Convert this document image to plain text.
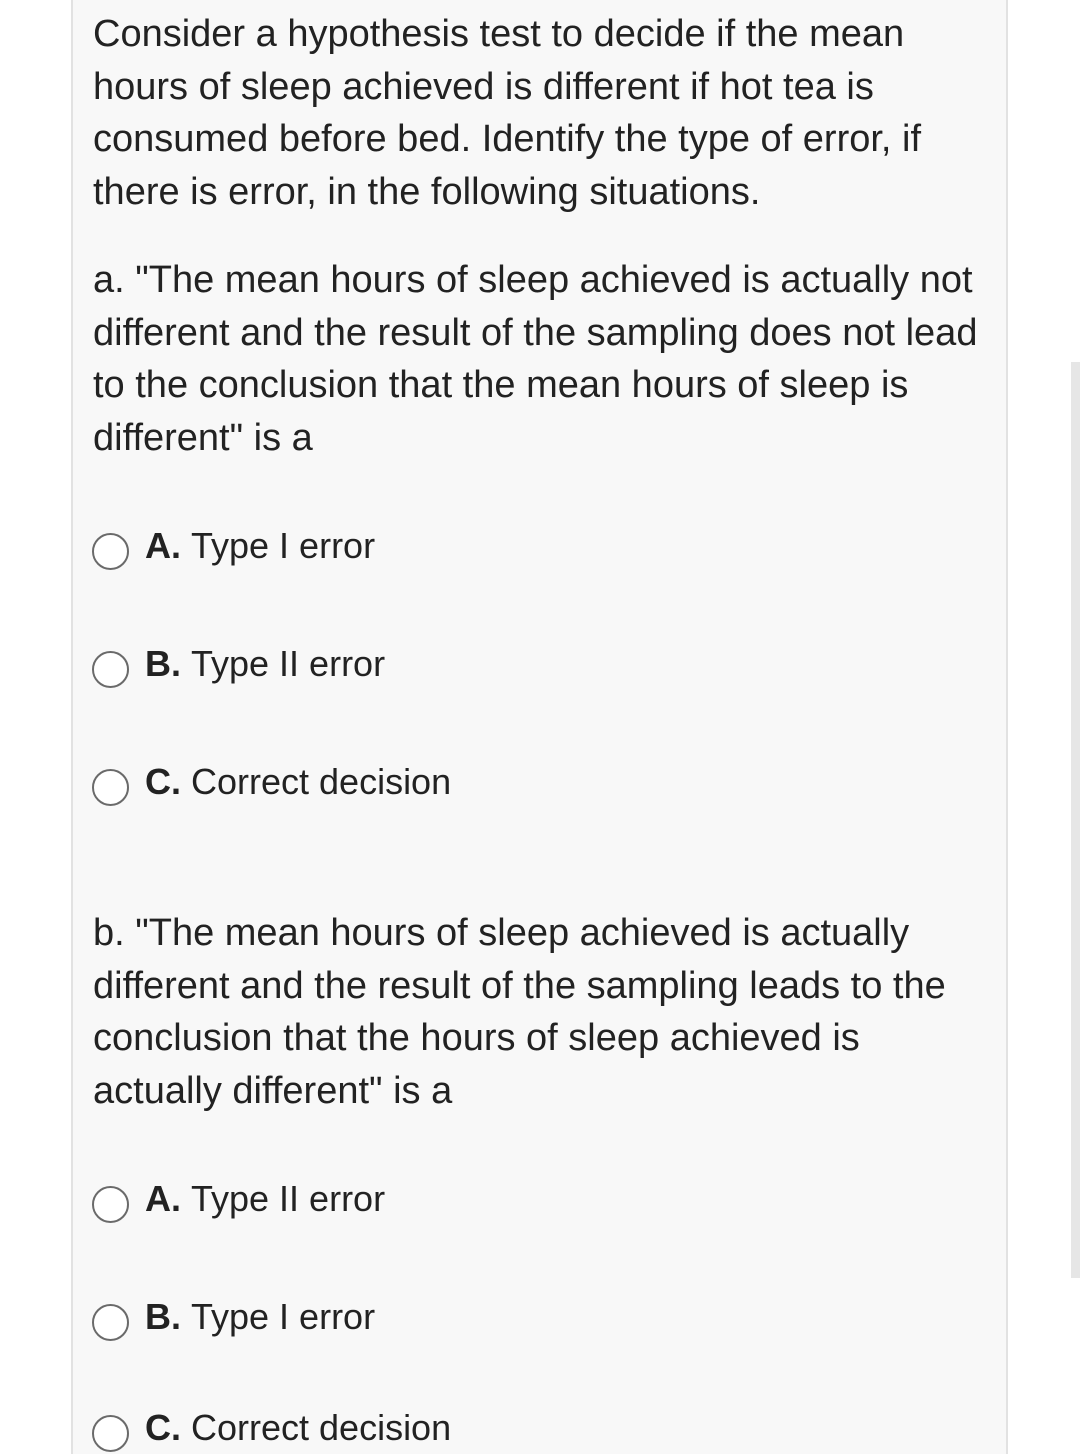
Consider a hypothesis test to decide if the mean hours of sleep achieved is different if hot tea is consumed before bed. Identify the type of error, if there is error, in the following situations.

a. "The mean hours of sleep achieved is actually not different and the result of the sampling does not lead to the conclusion that the mean hours of sleep is different" is a

A. Type I error
B. Type II error
C. Correct decision

b. "The mean hours of sleep achieved is actually different and the result of the sampling leads to the conclusion that the hours of sleep achieved is actually different" is a

A. Type II error
B. Type I error
C. Correct decision
